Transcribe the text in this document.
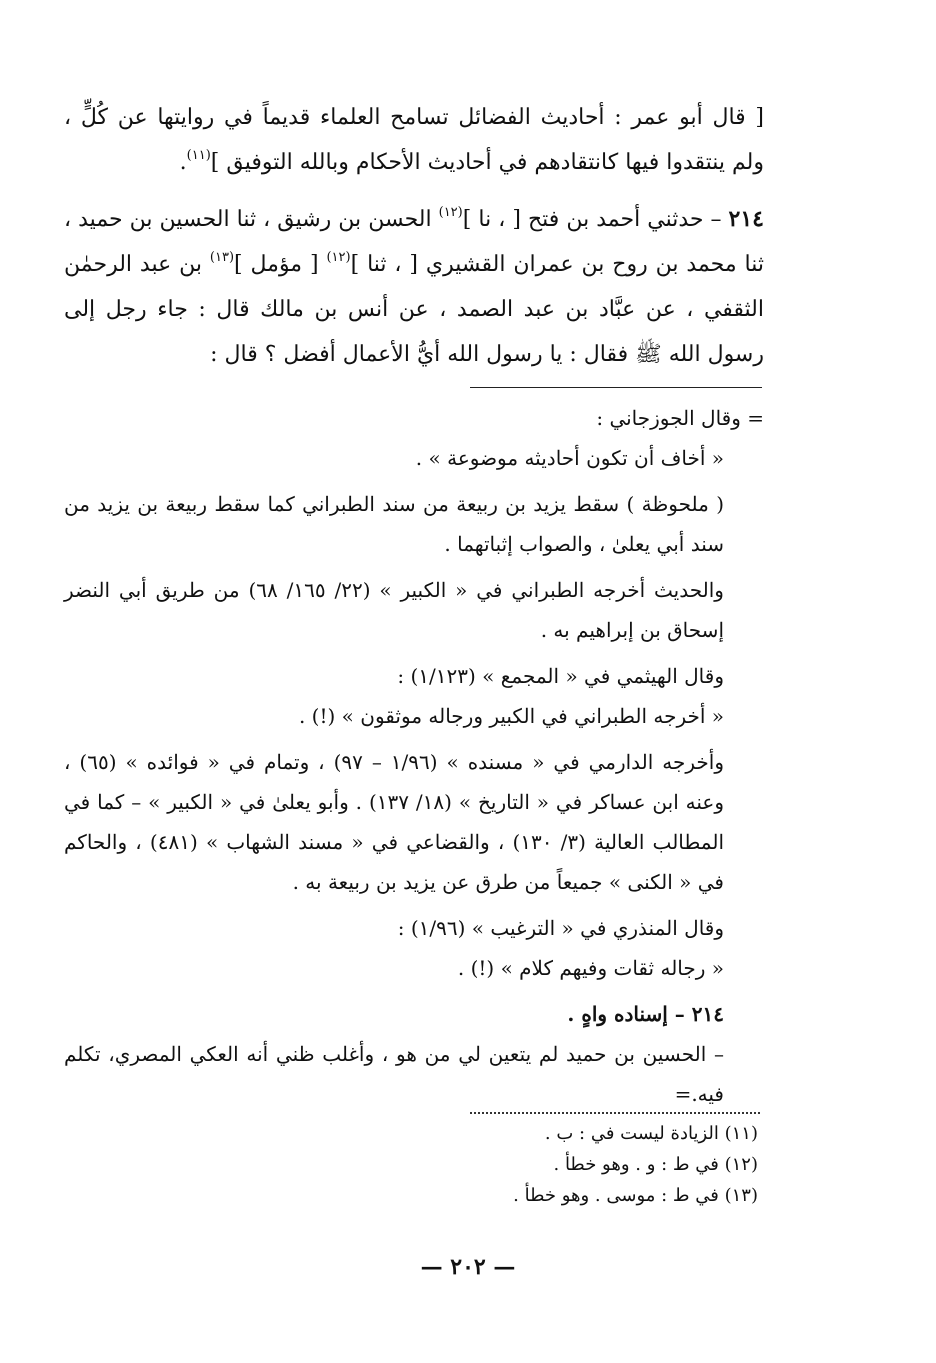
[ قال أبو عمر : أحاديث الفضائل تسامح العلماء قديماً في روايتها عن كُلٍّ ، ولم ينتقدوا فيها كانتقادهم في أحاديث الأحكام وبالله التوفيق ]$^{(١١)}$.

٢١٤ – حدثني أحمد بن فتح [ ، نا ]$^{(١٢)}$ الحسن بن رشيق ، ثنا الحسين بن حميد ، ثنا محمد بن روح بن عمران القشيري [ ، ثنا ]$^{(١٢)}$ [ مؤمل ]$^{(١٣)}$ بن عبد الرحمٰن الثقفي ، عن عبَّاد بن عبد الصمد ، عن أنس بن مالك قال : جاء رجل إلى رسول الله ﷺ فقال : يا رسول الله أيُّ الأعمال أفضل ؟ قال :

= وقال الجوزجاني :

« أخاف أن تكون أحاديثه موضوعة » .

( ملحوظة ) سقط يزيد بن ربيعة من سند الطبراني كما سقط ربيعة بن يزيد من سند أبي يعلىٰ ، والصواب إثباتهما .

والحديث أخرجه الطبراني في « الكبير » (٢٢/ ١٦٥/ ٦٨) من طريق أبي النضر إسحاق بن إبراهيم به .

وقال الهيثمي في « المجمع » (١/١٢٣) :

« أخرجه الطبراني في الكبير ورجاله موثقون » (!) .

وأخرجه الدارمي في « مسنده » (١/٩٦ – ٩٧) ، وتمام في « فوائده » (٦٥) ، وعنه ابن عساكر في « التاريخ » (١٨/ ١٣٧) . وأبو يعلىٰ في « الكبير » – كما في المطالب العالية (٣/ ١٣٠) ، والقضاعي في « مسند الشهاب » (٤٨١) ، والحاكم في « الكنى » جميعاً من طرق عن يزيد بن ربيعة به .

وقال المنذري في « الترغيب » (١/٩٦) :

« رجاله ثقات وفيهم كلام » (!) .

٢١٤ – إسناده واهٍ .

– الحسين بن حميد لم يتعين لي من هو ، وأغلب ظني أنه العكي المصري، تكلم فيه.=

(١١) الزيادة ليست في : ب .

(١٢) في ط : و . وهو خطأ .

(١٣) في ط : موسى . وهو خطأ .

— ٢٠٢ —
